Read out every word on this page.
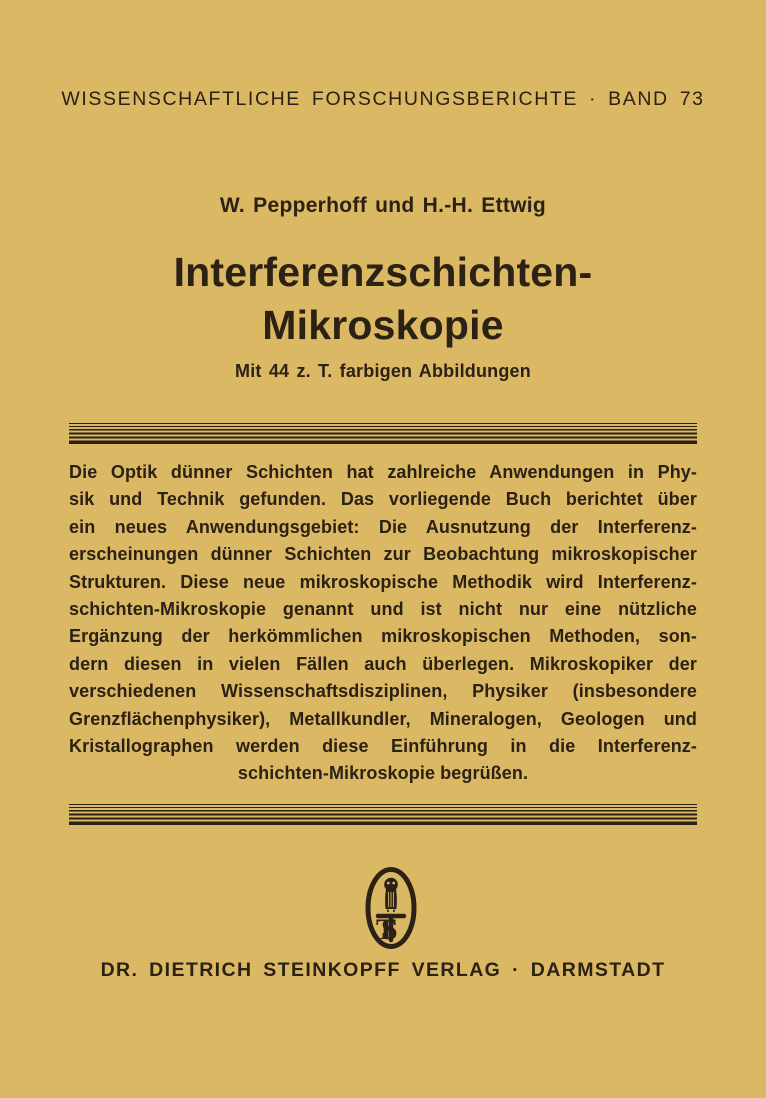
WISSENSCHAFTLICHE FORSCHUNGSBERICHTE · BAND 73
W. Pepperhoff und H.-H. Ettwig
Interferenzschichten-
Mikroskopie
Mit 44 z. T. farbigen Abbildungen
Die Optik dünner Schichten hat zahlreiche Anwendungen in Phy-
sik und Technik gefunden. Das vorliegende Buch berichtet über
ein neues Anwendungsgebiet: Die Ausnutzung der Interferenz-
erscheinungen dünner Schichten zur Beobachtung mikroskopischer
Strukturen. Diese neue mikroskopische Methodik wird Interferenz-
schichten-Mikroskopie genannt und ist nicht nur eine nützliche
Ergänzung der herkömmlichen mikroskopischen Methoden, son-
dern diesen in vielen Fällen auch überlegen. Mikroskopiker der
verschiedenen Wissenschaftsdisziplinen, Physiker (insbesondere
Grenzflächenphysiker), Metallkundler, Mineralogen, Geologen und
Kristallographen werden diese Einführung in die Interferenz-
schichten-Mikroskopie begrüßen.
TS
DR. DIETRICH STEINKOPFF VERLAG · DARMSTADT
